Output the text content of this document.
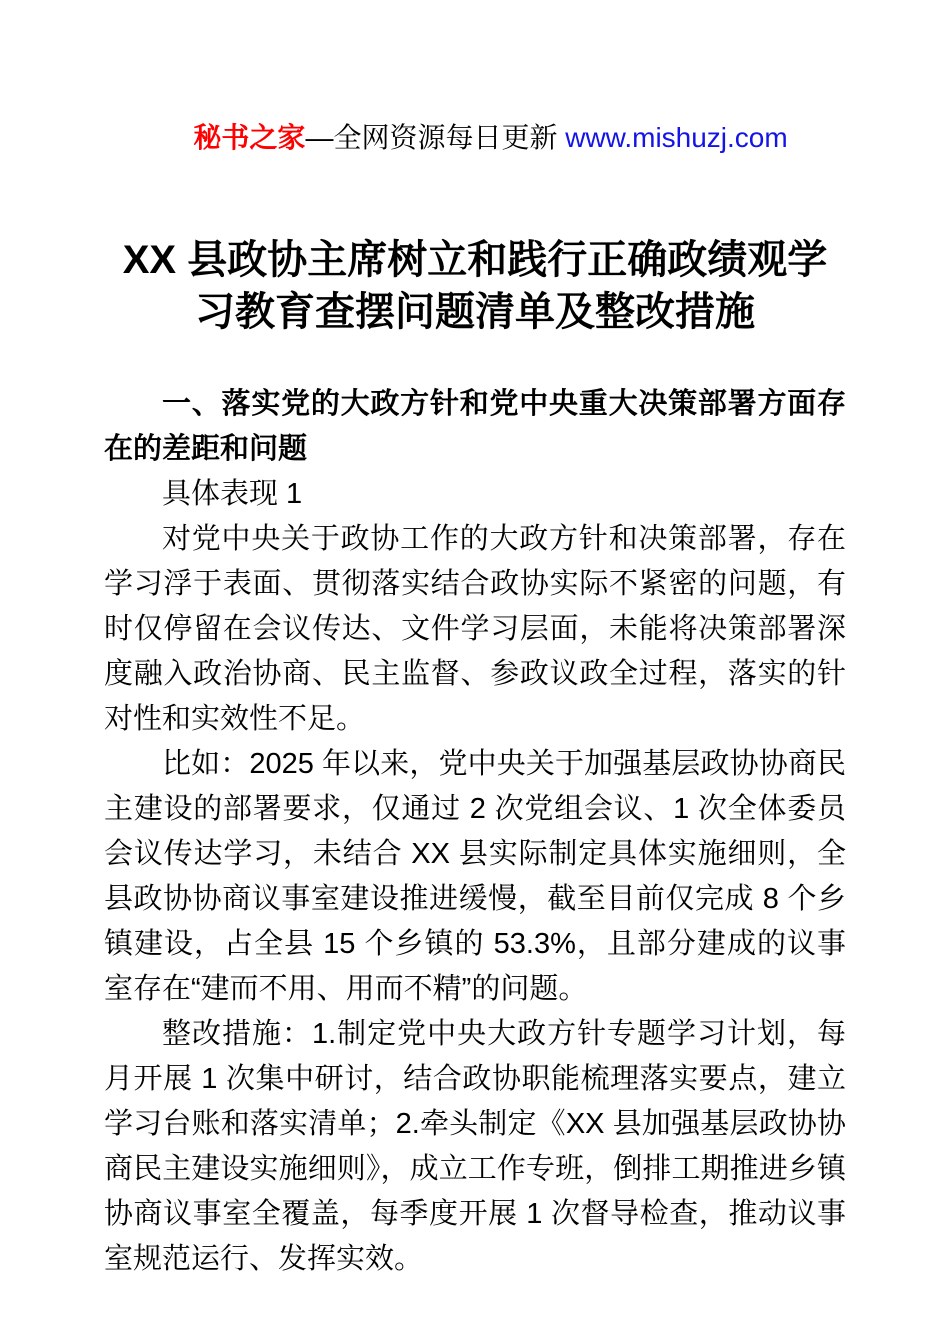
秘书之家—全网资源每日更新 www.mishuzj.com

XX 县政协主席树立和践行正确政绩观学习教育查摆问题清单及整改措施

一、落实党的大政方针和党中央重大决策部署方面存在的差距和问题

具体表现 1

对党中央关于政协工作的大政方针和决策部署，存在学习浮于表面、贯彻落实结合政协实际不紧密的问题，有时仅停留在会议传达、文件学习层面，未能将决策部署深度融入政治协商、民主监督、参政议政全过程，落实的针对性和实效性不足。

比如：2025 年以来，党中央关于加强基层政协协商民主建设的部署要求，仅通过 2 次党组会议、1 次全体委员会议传达学习，未结合 XX 县实际制定具体实施细则，全县政协协商议事室建设推进缓慢，截至目前仅完成 8 个乡镇建设，占全县 15 个乡镇的 53.3%，且部分建成的议事室存在“建而不用、用而不精”的问题。

整改措施：1.制定党中央大政方针专题学习计划，每月开展 1 次集中研讨，结合政协职能梳理落实要点，建立学习台账和落实清单；2.牵头制定《XX 县加强基层政协协商民主建设实施细则》，成立工作专班，倒排工期推进乡镇协商议事室全覆盖，每季度开展 1 次督导检查，推动议事室规范运行、发挥实效。
